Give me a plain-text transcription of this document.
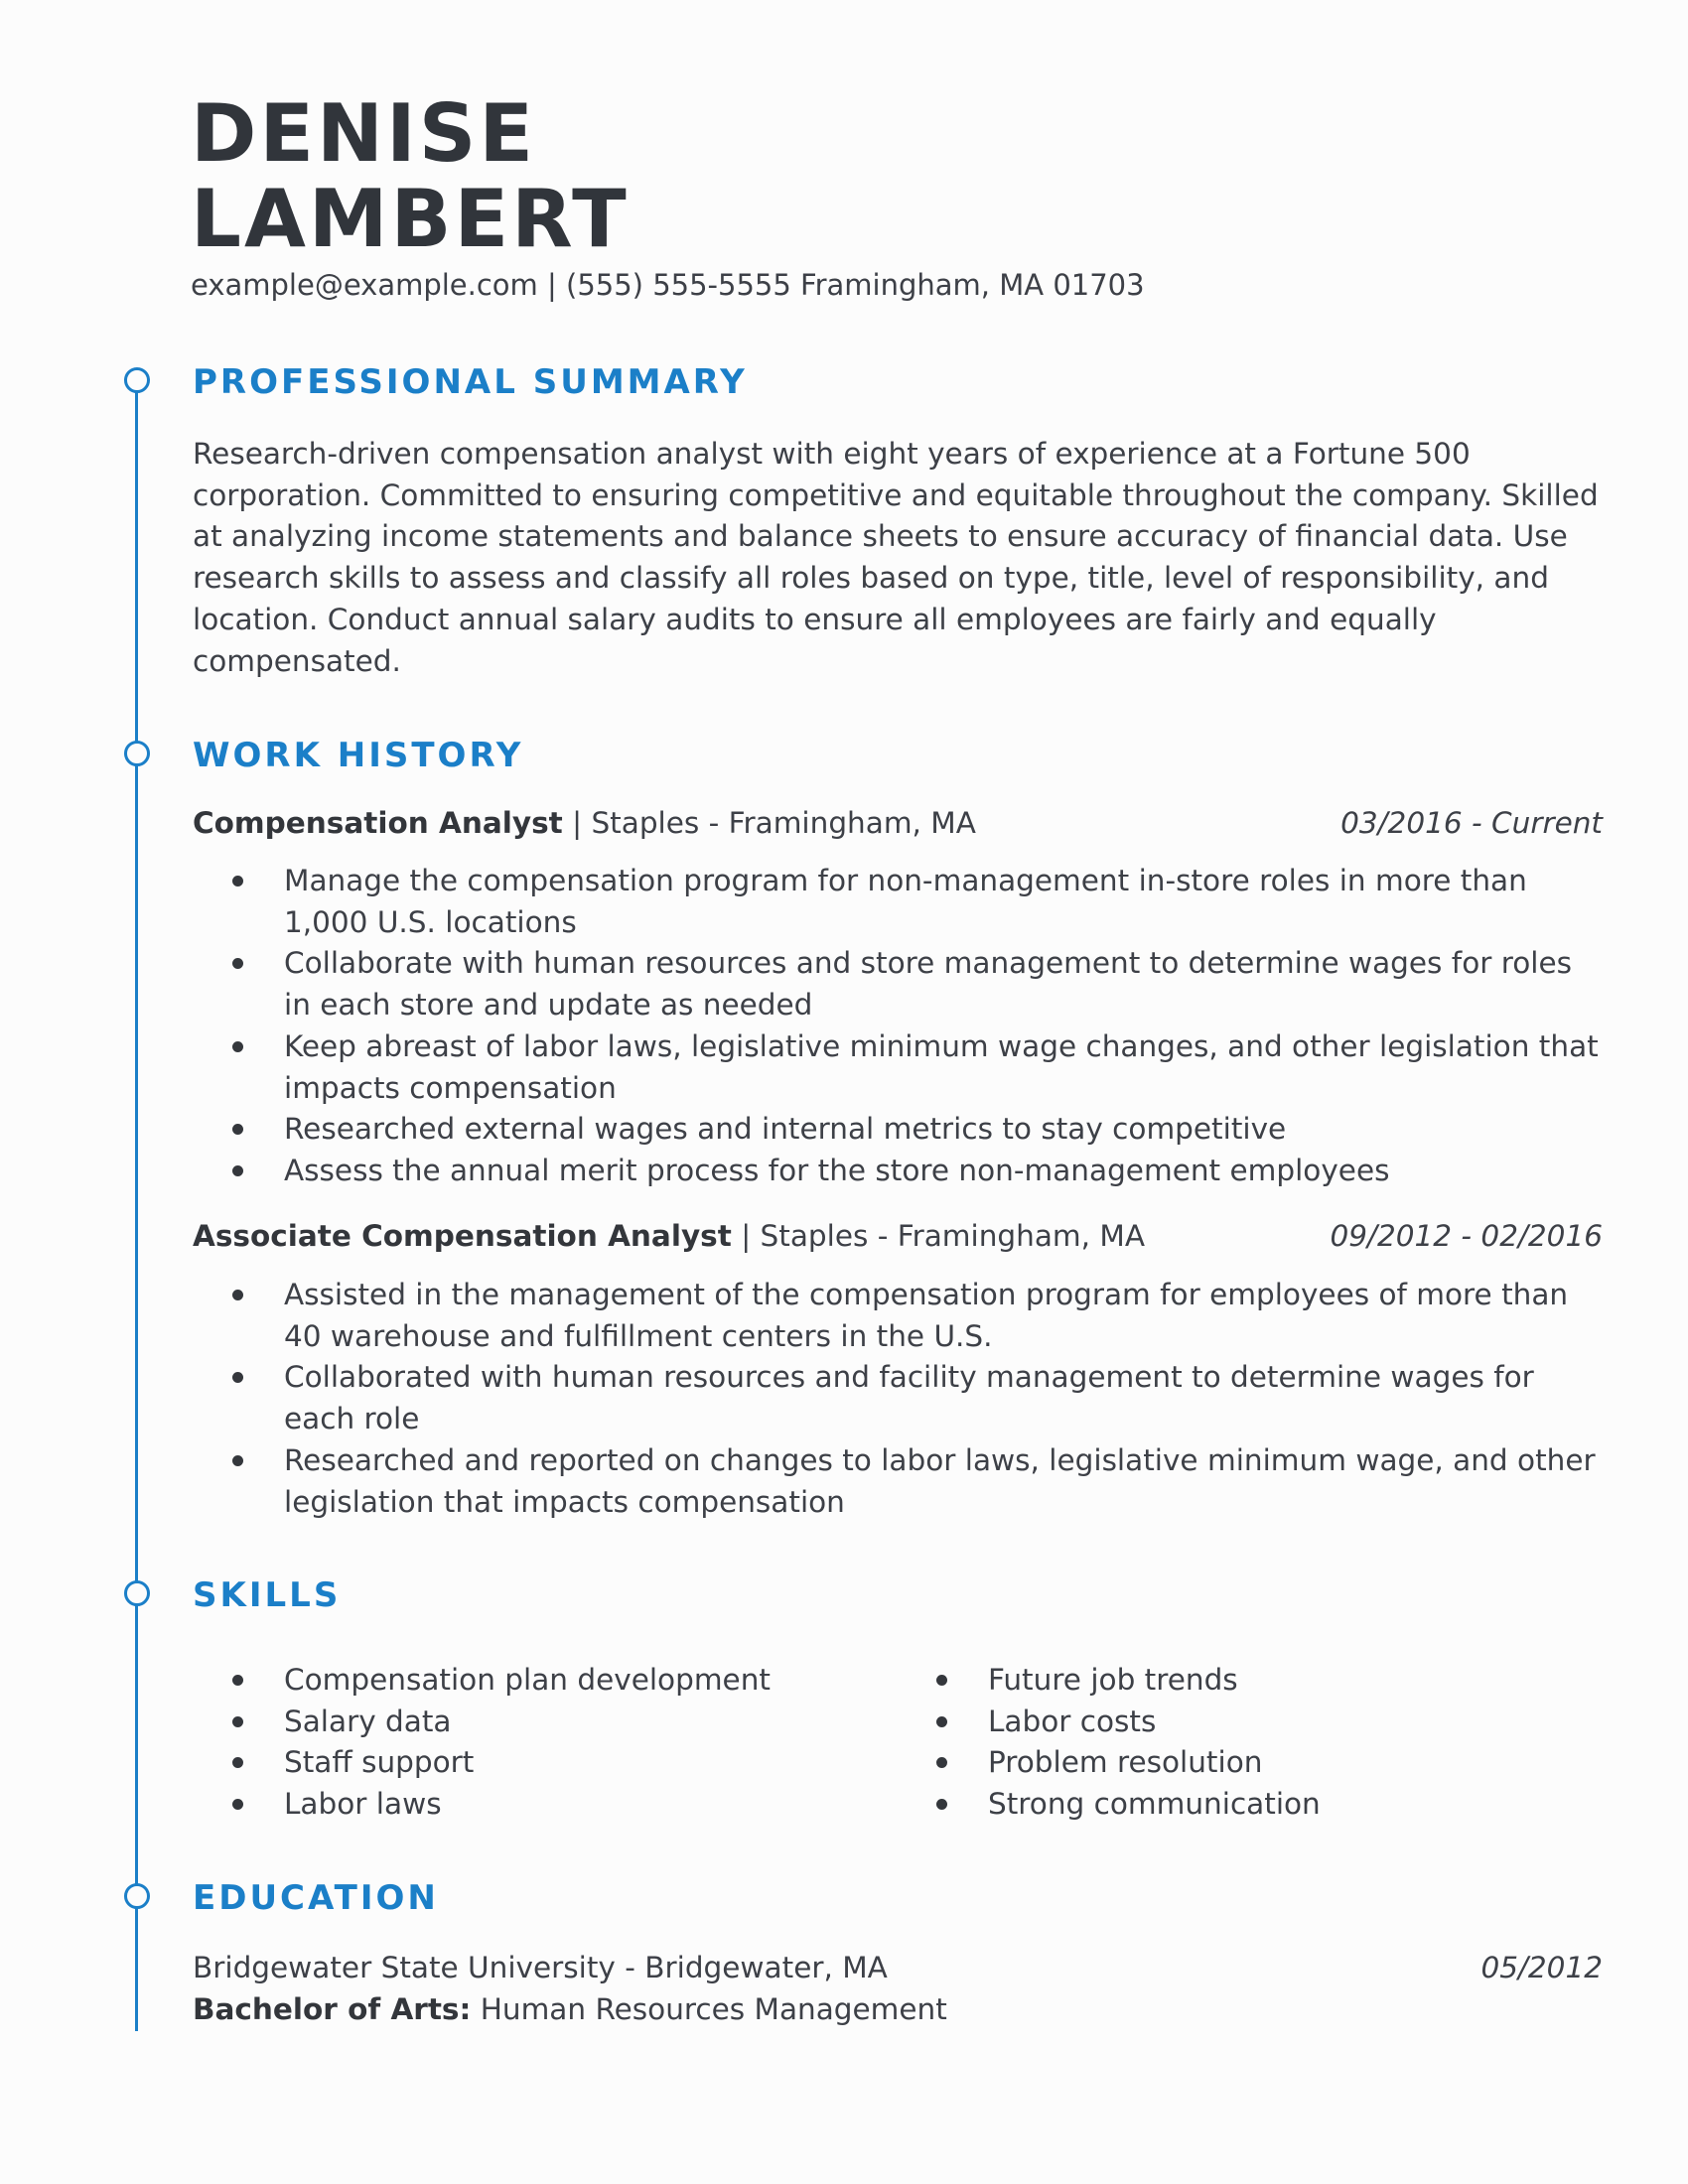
DENISE
LAMBERT
example@example.com | (555) 555-5555 Framingham, MA 01703
PROFESSIONAL SUMMARY
Research-driven compensation analyst with eight years of experience at a Fortune 500 corporation. Committed to ensuring competitive and equitable throughout the company. Skilled at analyzing income statements and balance sheets to ensure accuracy of financial data. Use research skills to assess and classify all roles based on type, title, level of responsibility, and location. Conduct annual salary audits to ensure all employees are fairly and equally compensated.
WORK HISTORY
Compensation Analyst | Staples - Framingham, MA	03/2016 - Current
Manage the compensation program for non-management in-store roles in more than 1,000 U.S. locations
Collaborate with human resources and store management to determine wages for roles in each store and update as needed
Keep abreast of labor laws, legislative minimum wage changes, and other legislation that impacts compensation
Researched external wages and internal metrics to stay competitive
Assess the annual merit process for the store non-management employees
Associate Compensation Analyst | Staples - Framingham, MA	09/2012 - 02/2016
Assisted in the management of the compensation program for employees of more than 40 warehouse and fulfillment centers in the U.S.
Collaborated with human resources and facility management to determine wages for each role
Researched and reported on changes to labor laws, legislative minimum wage, and other legislation that impacts compensation
SKILLS
Compensation plan development
Salary data
Staff support
Labor laws
Future job trends
Labor costs
Problem resolution
Strong communication
EDUCATION
Bridgewater State University - Bridgewater, MA	05/2012
Bachelor of Arts: Human Resources Management
